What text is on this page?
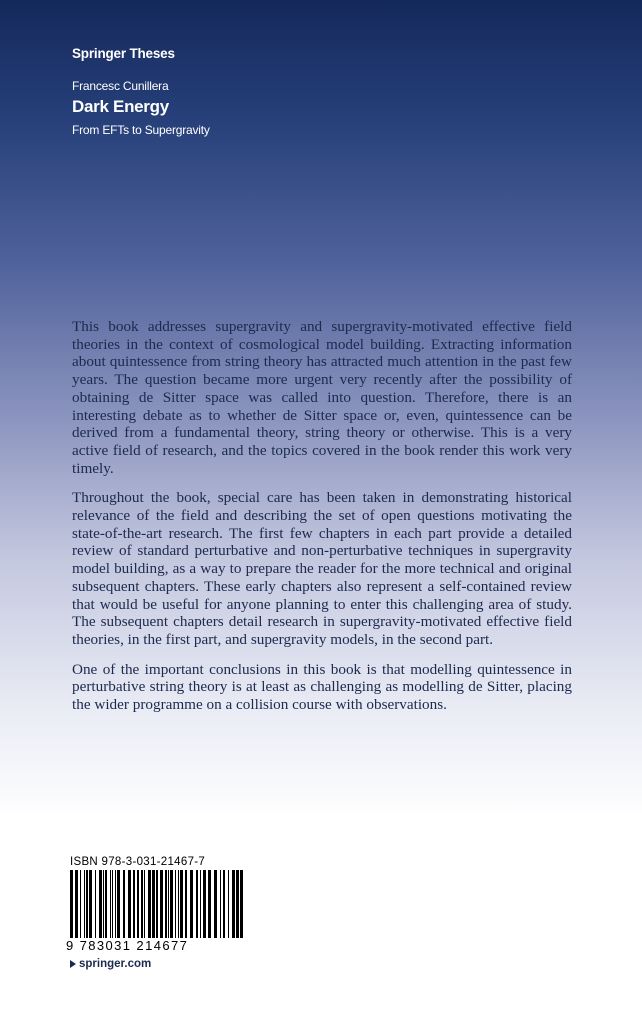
Springer Theses
Francesc Cunillera
Dark Energy
From EFTs to Supergravity

This book addresses supergravity and supergravity-motivated effective field theories in the context of cosmological model building. Extracting information about quintessence from string theory has attracted much attention in the past few years. The question became more urgent very recently after the possibility of obtaining de Sitter space was called into question. Therefore, there is an interesting debate as to whether de Sitter space or, even, quintessence can be derived from a fundamental theory, string theory or otherwise. This is a very active field of research, and the topics covered in the book render this work very timely.

Throughout the book, special care has been taken in demonstrating historical relevance of the field and describing the set of open questions motivating the state-of-the-art research. The first few chapters in each part provide a detailed review of standard perturbative and non-perturbative techniques in supergravity model building, as a way to prepare the reader for the more technical and original subsequent chapters. These early chapters also represent a self-contained review that would be useful for anyone planning to enter this challenging area of study. The subsequent chapters detail research in supergravity-motivated effective field theories, in the first part, and supergravity models, in the second part.

One of the important conclusions in this book is that modelling quintessence in perturbative string theory is at least as challenging as modelling de Sitter, placing the wider programme on a collision course with observations.

ISBN 978-3-031-21467-7
9 783031 214677
springer.com
